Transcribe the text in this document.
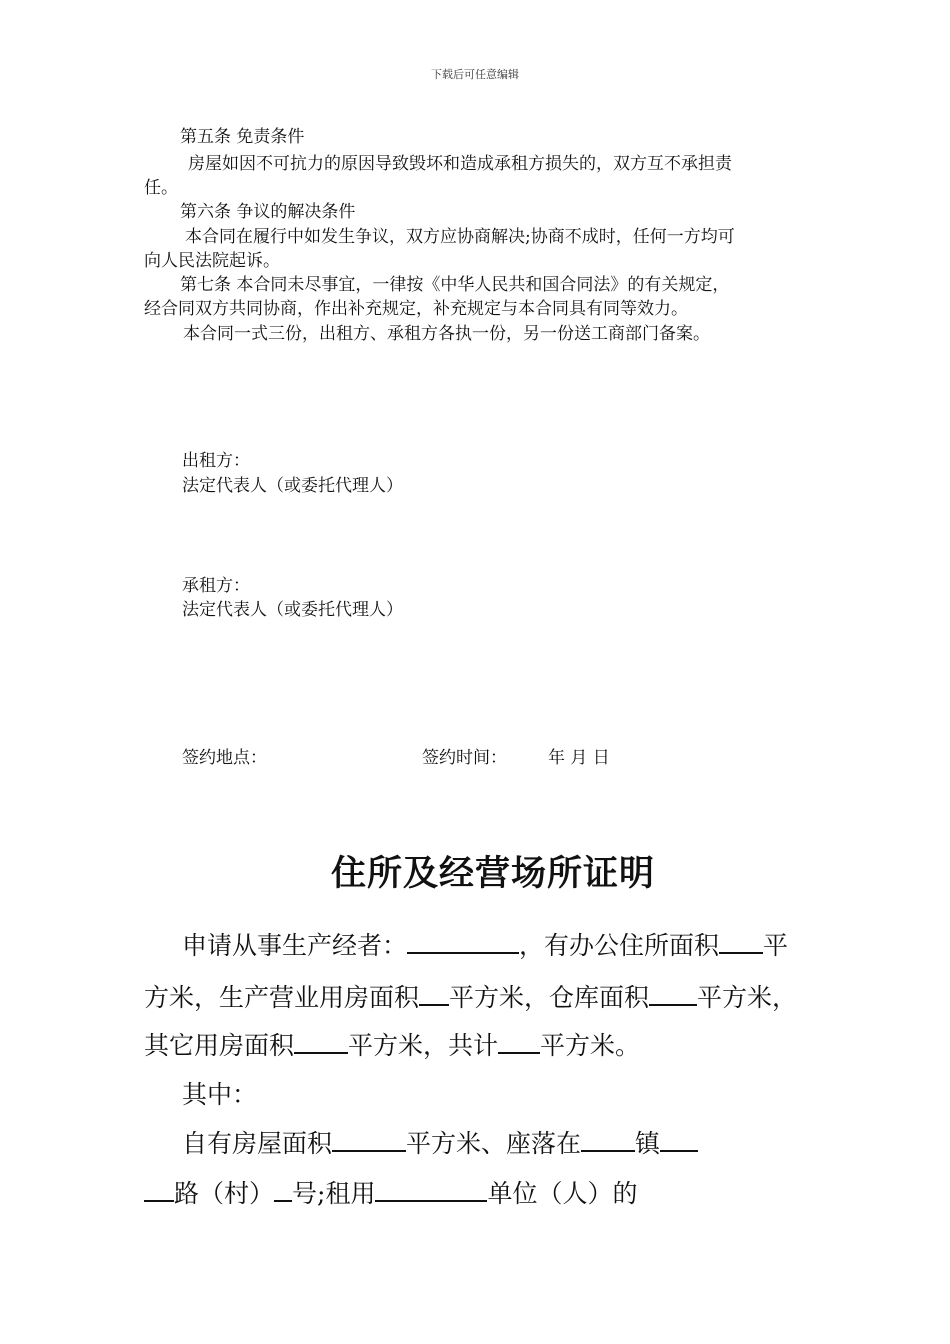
下载后可任意编辑
第五条 免责条件
房屋如因不可抗力的原因导致毁坏和造成承租方损失的，双方互不承担责
任。
第六条 争议的解决条件
本合同在履行中如发生争议，双方应协商解决;协商不成时，任何一方均可
向人民法院起诉。
第七条 本合同未尽事宜，一律按《中华人民共和国合同法》的有关规定，
经合同双方共同协商，作出补充规定，补充规定与本合同具有同等效力。
本合同一式三份，出租方、承租方各执一份，另一份送工商部门备案。
出租方：
法定代表人（或委托代理人）
承租方：
法定代表人（或委托代理人）
签约地点：	签约时间： 年 月 日
住所及经营场所证明
申请从事生产经者：	，有办公住所面积 平
方米，生产营业用房面积 平方米，仓库面积 平方米，
其它用房面积 平方米，共计 平方米。
其中：
自有房屋面积	平方米、座落在 镇
路（村） 号;租用	单位（人）的
